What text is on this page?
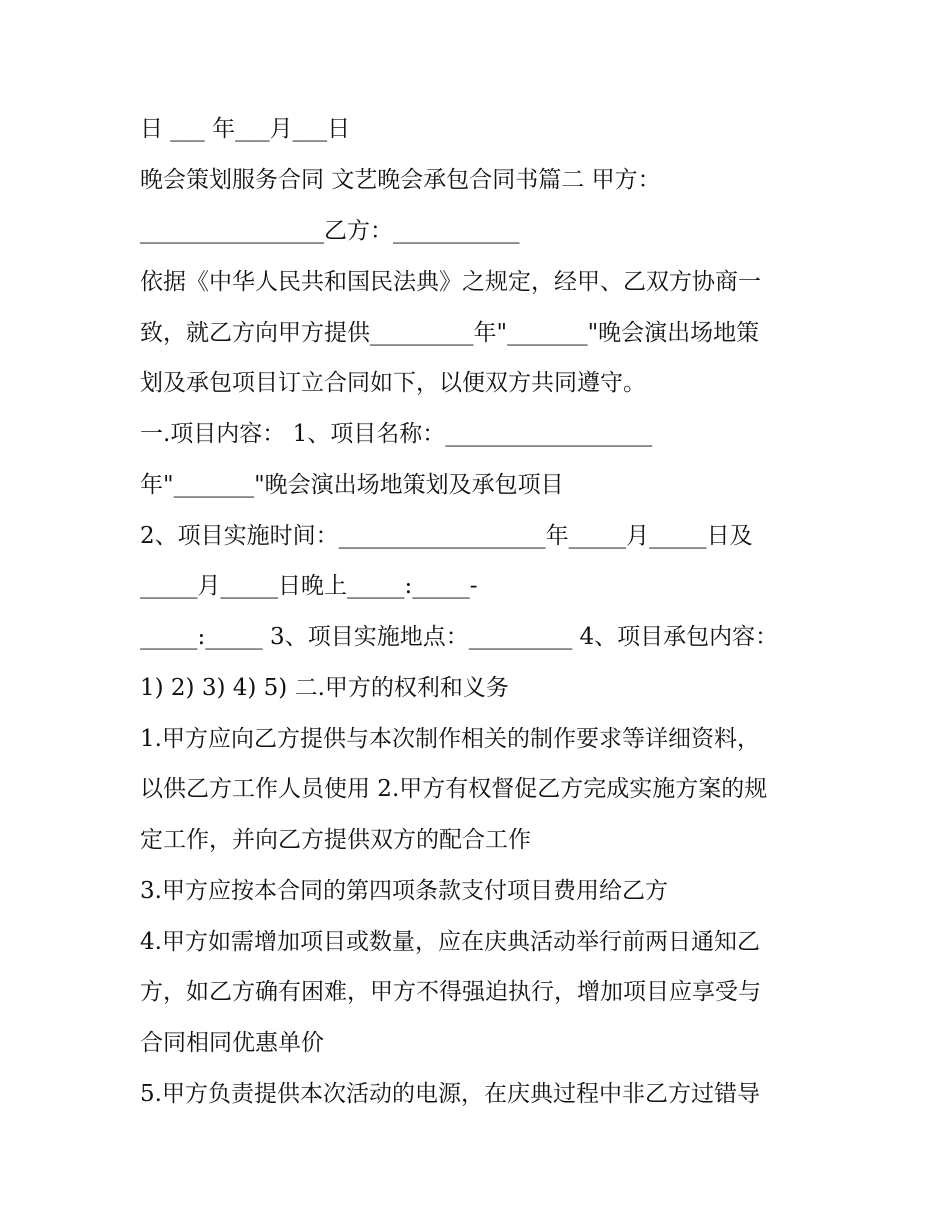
日 ___ 年___月___日
晚会策划服务合同 文艺晚会承包合同书篇二 甲方：
________________乙方：___________
依据《中华人民共和国民法典》之规定，经甲、乙双方协商一
致，就乙方向甲方提供_________年"_______"晚会演出场地策
划及承包项目订立合同如下，以便双方共同遵守。
一.项目内容： 1、项目名称：__________________
年"_______"晚会演出场地策划及承包项目
2、项目实施时间：__________________年_____月_____日及
_____月_____日晚上_____:_____-
_____:_____ 3、项目实施地点：_________ 4、项目承包内容：
1) 2) 3) 4) 5) 二.甲方的权利和义务
1.甲方应向乙方提供与本次制作相关的制作要求等详细资料，
以供乙方工作人员使用 2.甲方有权督促乙方完成实施方案的规
定工作，并向乙方提供双方的配合工作
3.甲方应按本合同的第四项条款支付项目费用给乙方
4.甲方如需增加项目或数量，应在庆典活动举行前两日通知乙
方，如乙方确有困难，甲方不得强迫执行，增加项目应享受与
合同相同优惠单价
5.甲方负责提供本次活动的电源，在庆典过程中非乙方过错导
